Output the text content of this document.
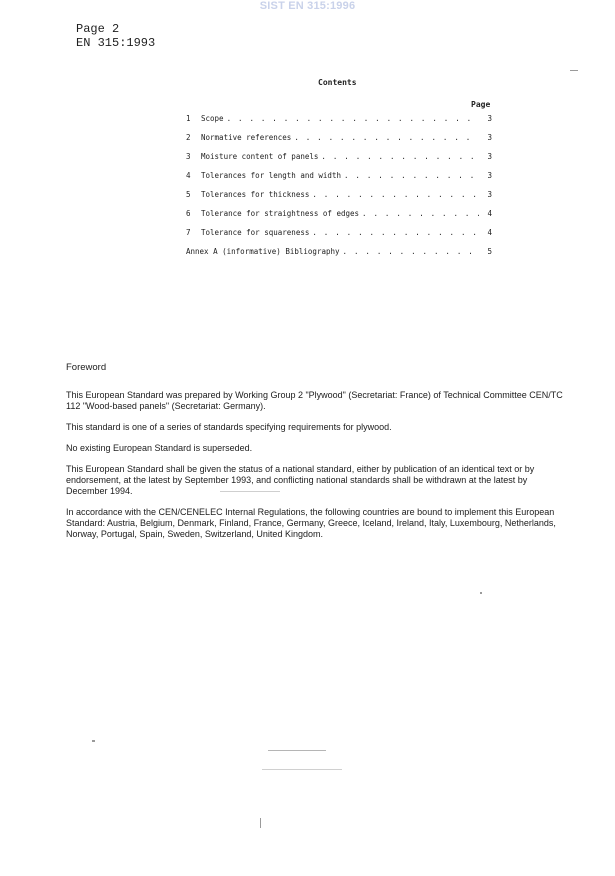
SIST EN 315:1996
Page 2
EN 315:1993
Contents
Page
1	Scope . . .	3
2	Normative references . . .	3
3	Moisture content of panels . . .	3
4	Tolerances for length and width . . .	3
5	Tolerances for thickness . . .	3
6	Tolerance for straightness of edges . . .	4
7	Tolerance for squareness . . .	4
Annex A (informative) Bibliography . . .	5
Foreword

This European Standard was prepared by Working Group 2 "Plywood" (Secretariat: France) of Technical Committee CEN/TC 112 "Wood-based panels" (Secretariat: Germany).

This standard is one of a series of standards specifying requirements for plywood.

No existing European Standard is superseded.

This European Standard shall be given the status of a national standard, either by publication of an identical text or by endorsement, at the latest by September 1993, and conflicting national standards shall be withdrawn at the latest by December 1994.

In accordance with the CEN/CENELEC Internal Regulations, the following countries are bound to implement this European Standard: Austria, Belgium, Denmark, Finland, France, Germany, Greece, Iceland, Ireland, Italy, Luxembourg, Netherlands, Norway, Portugal, Spain, Sweden, Switzerland, United Kingdom.
